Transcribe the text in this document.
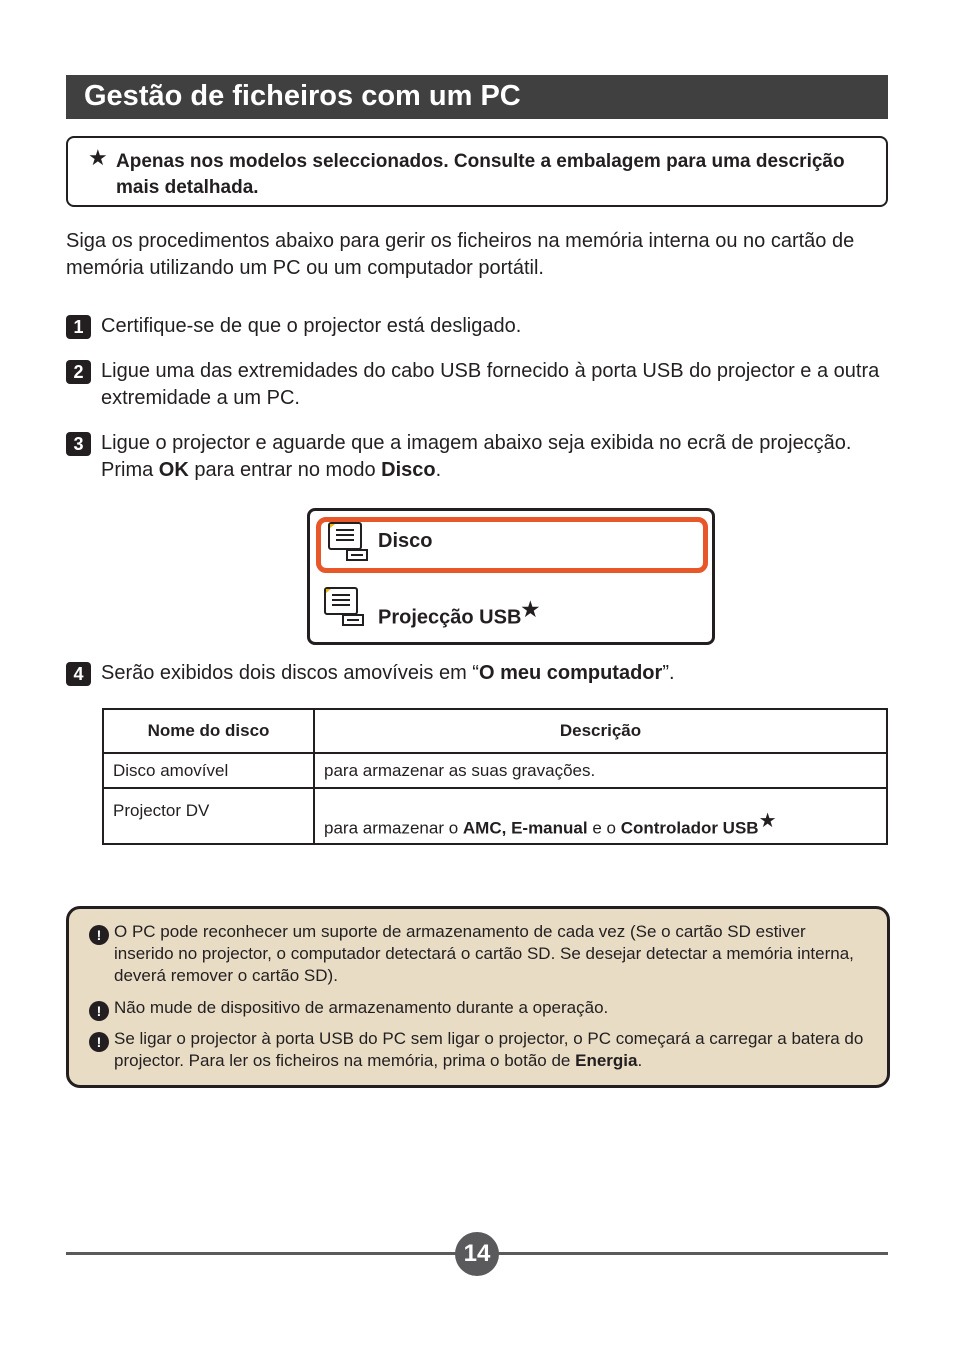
Gestão de ficheiros com um PC
★ Apenas nos modelos seleccionados. Consulte a embalagem para uma descrição mais detalhada.
Siga os procedimentos abaixo para gerir os ficheiros na memória interna ou no cartão de memória utilizando um PC ou um computador portátil.
1 Certifique-se de que o projector está desligado.
2 Ligue uma das extremidades do cabo USB fornecido à porta USB do projector e a outra extremidade a um PC.
3 Ligue o projector e aguarde que a imagem abaixo seja exibida no ecrã de projecção. Prima OK para entrar no modo Disco.
Disco
Projecção USB★
4 Serão exibidos dois discos amovíveis em “O meu computador”.
Nome do disco	Descrição
Disco amovível	para armazenar as suas gravações.
Projector DV	para armazenar o AMC, E-manual e o Controlador USB★
! O PC pode reconhecer um suporte de armazenamento de cada vez (Se o cartão SD estiver inserido no projector, o computador detectará o cartão SD. Se desejar detectar a memória interna, deverá remover o cartão SD).
! Não mude de dispositivo de armazenamento durante a operação.
! Se ligar o projector à porta USB do PC sem ligar o projector, o PC começará a carregar a batera do projector. Para ler os ficheiros na memória, prima o botão de Energia.
14
